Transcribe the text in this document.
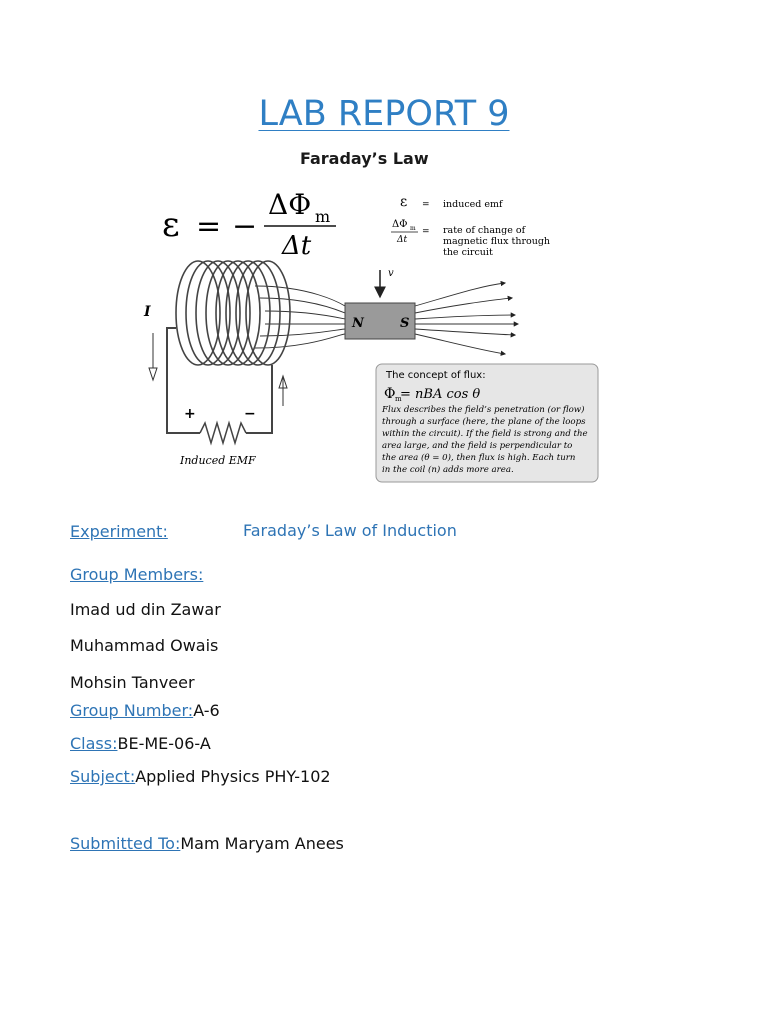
LAB REPORT 9
Faraday’s Law
ε = −
ΔΦ m
Δt
ε = induced emf
ΔΦ m
Δt
= rate of change of
magnetic flux through
the circuit
N	S
v
I
+	−
Induced EMF
The concept of flux:
Φ m
= nBA cos θ
Flux describes the field’s penetration (or flow)
through a surface (here, the plane of the loops
within the circuit). If the field is strong and the
area large, and the field is perpendicular to
the area (θ = 0), then flux is high. Each turn
in the coil (n) adds more area.
Experiment:	Faraday’s Law of Induction
Group Members:
Imad ud din Zawar
Muhammad Owais
Mohsin Tanveer
Group Number:A-6
Class:BE-ME-06-A
Subject:Applied Physics PHY-102
Submitted To:Mam Maryam Anees
